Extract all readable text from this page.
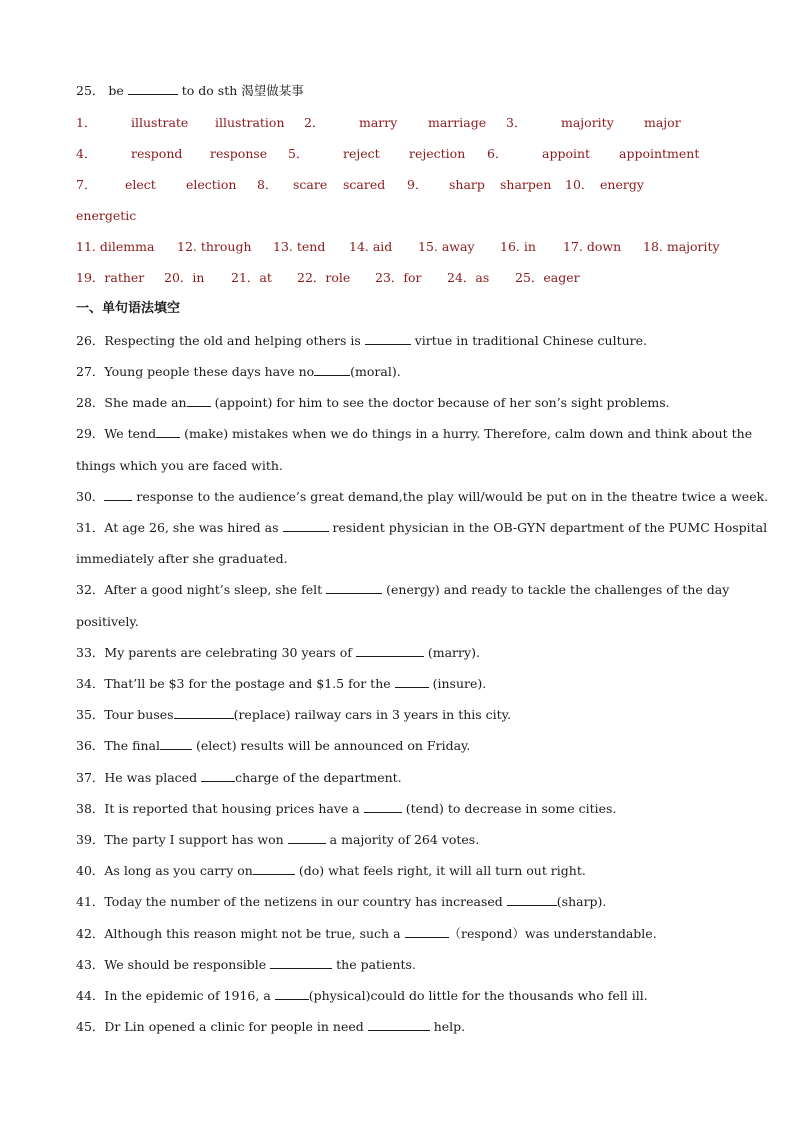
25． be	to do sth 渴望做某事
1．	illustrate illustration 2．	marry marriage 3．	majority major
4．	respond response 5．	reject rejection 6．	appoint appointment
7． elect election 8． scare scared 9． sharp sharpen 10． energy
energetic
11. dilemma 12. through 13. tend 14. aid 15. away 16. in 17. down 18. majority
19．rather 20．in 21．at 22．role 23．for 24．as 25．eager
一、单句语法填空
26．Respecting the old and helping others is	virtue in traditional Chinese culture.
27．Young people these days have no	(moral).
28．She made an (appoint) for him to see the doctor because of her son’s sight problems.
29．We tend (make) mistakes when we do things in a hurry. Therefore, calm down and think about the
things which you are faced with.
30．	response to the audience’s great demand,the play will/would be put on in the theatre twice a week.
31．At age 26, she was hired as	resident physician in the OB-GYN department of the PUMC Hospital
immediately after she graduated.
32．After a good night’s sleep, she felt	(energy) and ready to tackle the challenges of the day
positively.
33．My parents are celebrating 30 years of	(marry).
34．That’ll be $3 for the postage and $1.5 for the	(insure).
35．Tour buses	(replace) railway cars in 3 years in this city.
36．The final	(elect) results will be announced on Friday.
37．He was placed	charge of the department.
38．It is reported that housing prices have a	(tend) to decrease in some cities.
39．The party I support has won	a majority of 264 votes.
40．As long as you carry on	(do) what feels right, it will all turn out right.
41．Today the number of the netizens in our country has increased	(sharp).
42．Although this reason might not be true, such a	（respond）was understandable.
43．We should be responsible	the patients.
44．In the epidemic of 1916, a	(physical)could do little for the thousands who fell ill.
45．Dr Lin opened a clinic for people in need	help.
